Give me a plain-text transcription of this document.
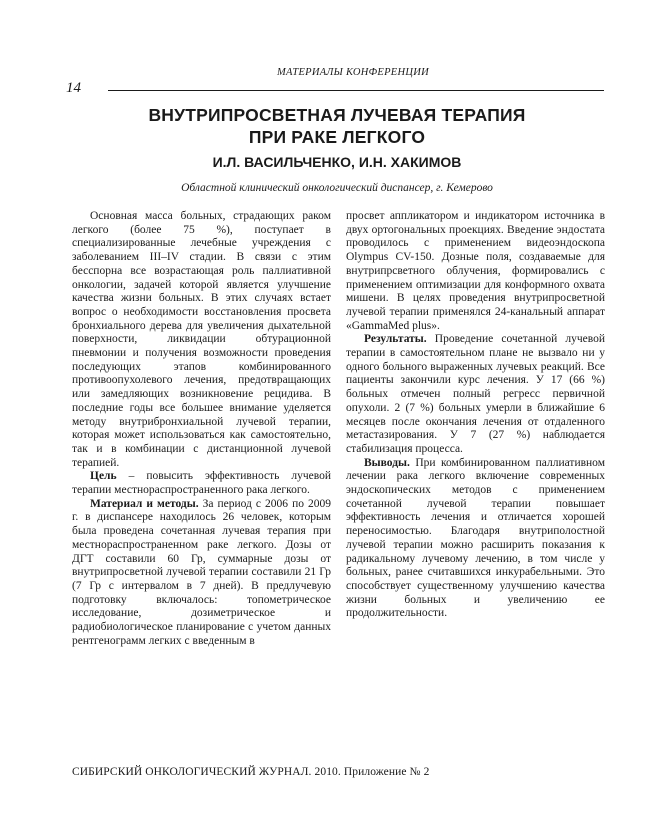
МАТЕРИАЛЫ КОНФЕРЕНЦИИ
14
ВНУТРИПРОСВЕТНАЯ ЛУЧЕВАЯ ТЕРАПИЯ
ПРИ РАКЕ ЛЕГКОГО
И.Л. ВАСИЛЬЧЕНКО, И.Н. ХАКИМОВ
Областной клинический онкологический диспансер, г. Кемерово

Основная масса больных, страдающих раком легкого (более 75 %), поступает в специализированные лечебные учреждения с заболеванием III–IV стадии. В связи с этим бесспорна все возрастающая роль паллиативной онкологии, задачей которой является улучшение качества жизни больных. В этих случаях встает вопрос о необходимости восстановления просвета бронхиального дерева для увеличения дыхательной поверхности, ликвидации обтурационной пневмонии и получения возможности проведения последующих этапов комбинированного противоопухолевого лечения, предотвращающих или замедляющих возникновение рецидива. В последние годы все большее внимание уделяется методу внутрибронхиальной лучевой терапии, которая может использоваться как самостоятельно, так и в комбинации с дистанционной лучевой терапией.

Цель – повысить эффективность лучевой терапии местнораспространенного рака легкого.

Материал и методы. За период с 2006 по 2009 г. в диспансере находилось 26 человек, которым была проведена сочетанная лучевая терапия при местнораспространенном раке легкого. Дозы от ДГТ составили 60 Гр, суммарные дозы от внутрипросветной лучевой терапии составили 21 Гр (7 Гр с интервалом в 7 дней). В предлучевую подготовку включалось: топометрическое исследование, дозиметрическое и радиобиологическое планирование с учетом данных рентгенограмм легких с введенным в

просвет аппликатором и индикатором источника в двух ортогональных проекциях. Введение эндостата проводилось с применением видеоэндоскопа Olympus CV-150. Дозные поля, создаваемые для внутрипрсветного облучения, формировались с применением оптимизации для конформного охвата мишени. В целях проведения внутрипросветной лучевой терапии применялся 24-канальный аппарат «GammaMed plus».

Результаты. Проведение сочетанной лучевой терапии в самостоятельном плане не вызвало ни у одного больного выраженных лучевых реакций. Все пациенты закончили курс лечения. У 17 (66 %) больных отмечен полный регресс первичной опухоли. 2 (7 %) больных умерли в ближайшие 6 месяцев после окончания лечения от отдаленного метастазирования. У 7 (27 %) наблюдается стабилизация процесса.

Выводы. При комбинированном паллиативном лечении рака легкого включение современных эндоскопических методов с применением сочетанной лучевой терапии повышает эффективность лечения и отличается хорошей переносимостью. Благодаря внутриполостной лучевой терапии можно расширить показания к радикальному лучевому лечению, в том числе у больных, ранее считавшихся инкурабельными. Это способствует существенному улучшению качества жизни больных и увеличению ее продолжительности.

СИБИРСКИЙ ОНКОЛОГИЧЕСКИЙ ЖУРНАЛ. 2010. Приложение № 2
